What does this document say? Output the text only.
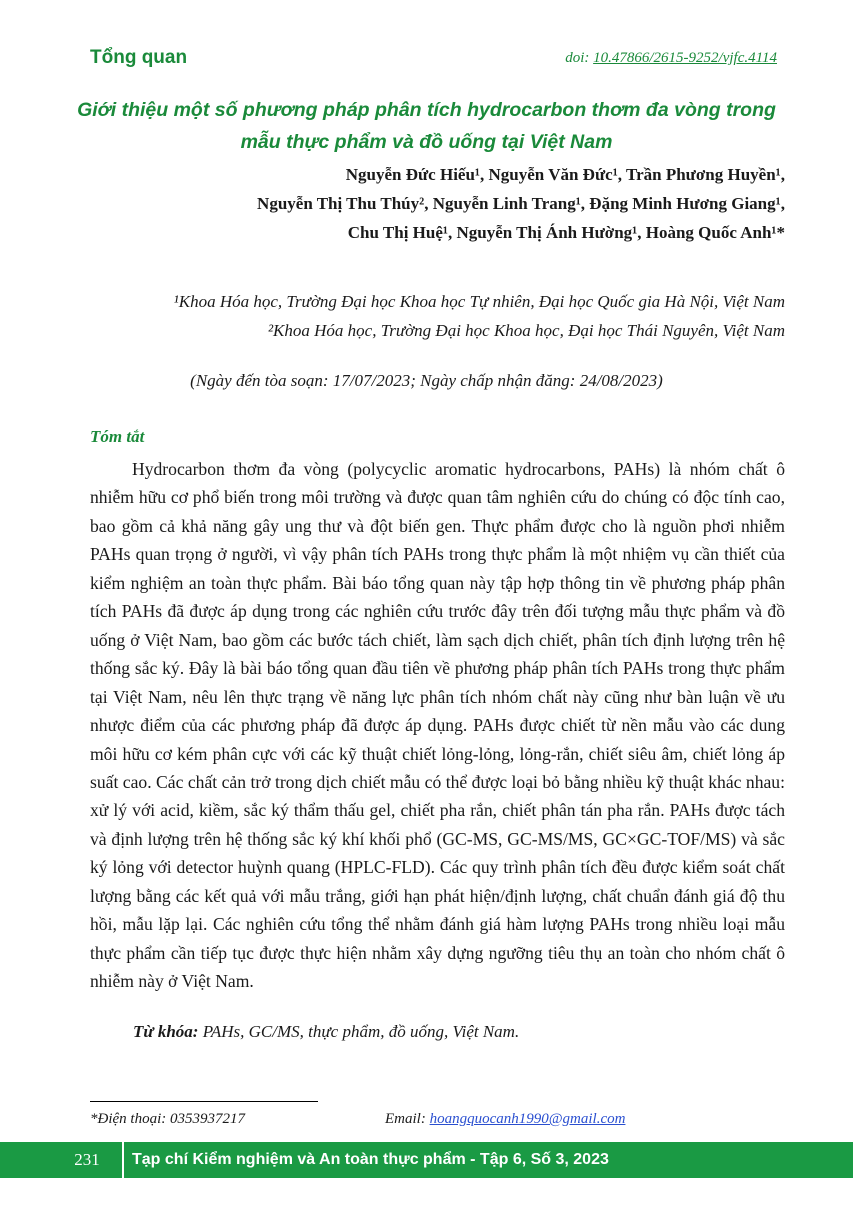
Tổng quan	doi: 10.47866/2615-9252/vjfc.4114
Giới thiệu một số phương pháp phân tích hydrocarbon thơm đa vòng trong
mẫu thực phẩm và đồ uống tại Việt Nam
Nguyễn Đức Hiếu¹, Nguyễn Văn Đức¹, Trần Phương Huyền¹,
Nguyễn Thị Thu Thúy², Nguyễn Linh Trang¹, Đặng Minh Hương Giang¹,
Chu Thị Huệ¹, Nguyễn Thị Ánh Hường¹, Hoàng Quốc Anh¹*
¹Khoa Hóa học, Trường Đại học Khoa học Tự nhiên, Đại học Quốc gia Hà Nội, Việt Nam
²Khoa Hóa học, Trường Đại học Khoa học, Đại học Thái Nguyên, Việt Nam
(Ngày đến tòa soạn: 17/07/2023; Ngày chấp nhận đăng: 24/08/2023)
Tóm tắt
Hydrocarbon thơm đa vòng (polycyclic aromatic hydrocarbons, PAHs) là nhóm chất ô nhiễm hữu cơ phổ biến trong môi trường và được quan tâm nghiên cứu do chúng có độc tính cao, bao gồm cả khả năng gây ung thư và đột biến gen. Thực phẩm được cho là nguồn phơi nhiễm PAHs quan trọng ở người, vì vậy phân tích PAHs trong thực phẩm là một nhiệm vụ cần thiết của kiểm nghiệm an toàn thực phẩm. Bài báo tổng quan này tập hợp thông tin về phương pháp phân tích PAHs đã được áp dụng trong các nghiên cứu trước đây trên đối tượng mẫu thực phẩm và đồ uống ở Việt Nam, bao gồm các bước tách chiết, làm sạch dịch chiết, phân tích định lượng trên hệ thống sắc ký. Đây là bài báo tổng quan đầu tiên về phương pháp phân tích PAHs trong thực phẩm tại Việt Nam, nêu lên thực trạng về năng lực phân tích nhóm chất này cũng như bàn luận về ưu nhược điểm của các phương pháp đã được áp dụng. PAHs được chiết từ nền mẫu vào các dung môi hữu cơ kém phân cực với các kỹ thuật chiết lỏng-lỏng, lỏng-rắn, chiết siêu âm, chiết lỏng áp suất cao. Các chất cản trở trong dịch chiết mẫu có thể được loại bỏ bằng nhiều kỹ thuật khác nhau: xử lý với acid, kiềm, sắc ký thẩm thấu gel, chiết pha rắn, chiết phân tán pha rắn. PAHs được tách và định lượng trên hệ thống sắc ký khí khối phổ (GC-MS, GC-MS/MS, GC×GC-TOF/MS) và sắc ký lỏng với detector huỳnh quang (HPLC-FLD). Các quy trình phân tích đều được kiểm soát chất lượng bằng các kết quả với mẫu trắng, giới hạn phát hiện/định lượng, chất chuẩn đánh giá độ thu hồi, mẫu lặp lại. Các nghiên cứu tổng thể nhằm đánh giá hàm lượng PAHs trong nhiều loại mẫu thực phẩm cần tiếp tục được thực hiện nhằm xây dựng ngưỡng tiêu thụ an toàn cho nhóm chất ô nhiễm này ở Việt Nam.
Từ khóa: PAHs, GC/MS, thực phẩm, đồ uống, Việt Nam.
*Điện thoại: 0353937217	Email: hoangquocanh1990@gmail.com
231	Tạp chí Kiểm nghiệm và An toàn thực phẩm - Tập 6, Số 3, 2023
